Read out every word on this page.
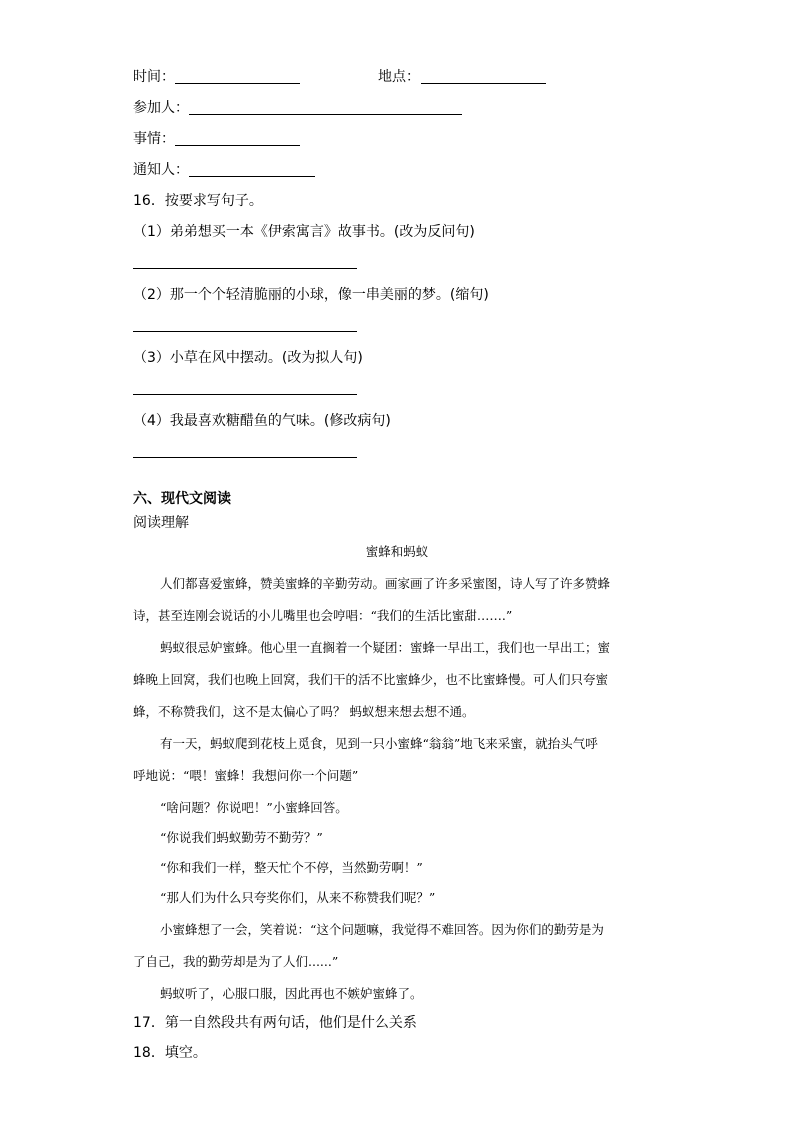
时间：	地点：
参加人：
事情：
通知人：
16．按要求写句子。
（1）弟弟想买一本《伊索寓言》故事书。(改为反问句)
（2）那一个个轻清脆丽的小球，像一串美丽的梦。(缩句)
（3）小草在风中摆动。(改为拟人句)
（4）我最喜欢糖醋鱼的气味。(修改病句)
六、现代文阅读
阅读理解
蜜蜂和蚂蚁
人们都喜爱蜜蜂，赞美蜜蜂的辛勤劳动。画家画了许多采蜜图，诗人写了许多赞蜂
诗，甚至连刚会说话的小儿嘴里也会哼唱：“我们的生活比蜜甜…….”
蚂蚁很忌妒蜜蜂。他心里一直搁着一个疑团：蜜蜂一早出工，我们也一早出工；蜜
蜂晚上回窝，我们也晚上回窝，我们干的活不比蜜蜂少，也不比蜜蜂慢。可人们只夸蜜
蜂，不称赞我们，这不是太偏心了吗？ 蚂蚁想来想去想不通。
有一天，蚂蚁爬到花枝上觅食，见到一只小蜜蜂“翁翁”地飞来采蜜，就抬头气呼
呼地说：“喂！蜜蜂！我想问你一个问题”
“啥问题？你说吧！”小蜜蜂回答。
“你说我们蚂蚁勤劳不勤劳？”
“你和我们一样，整天忙个不停，当然勤劳啊！”
“那人们为什么只夸奖你们，从来不称赞我们呢？”
小蜜蜂想了一会，笑着说：“这个问题嘛，我觉得不难回答。因为你们的勤劳是为
了自己，我的勤劳却是为了人们......”
蚂蚁听了，心服口服，因此再也不嫉妒蜜蜂了。
17．第一自然段共有两句话，他们是什么关系
18．填空。
